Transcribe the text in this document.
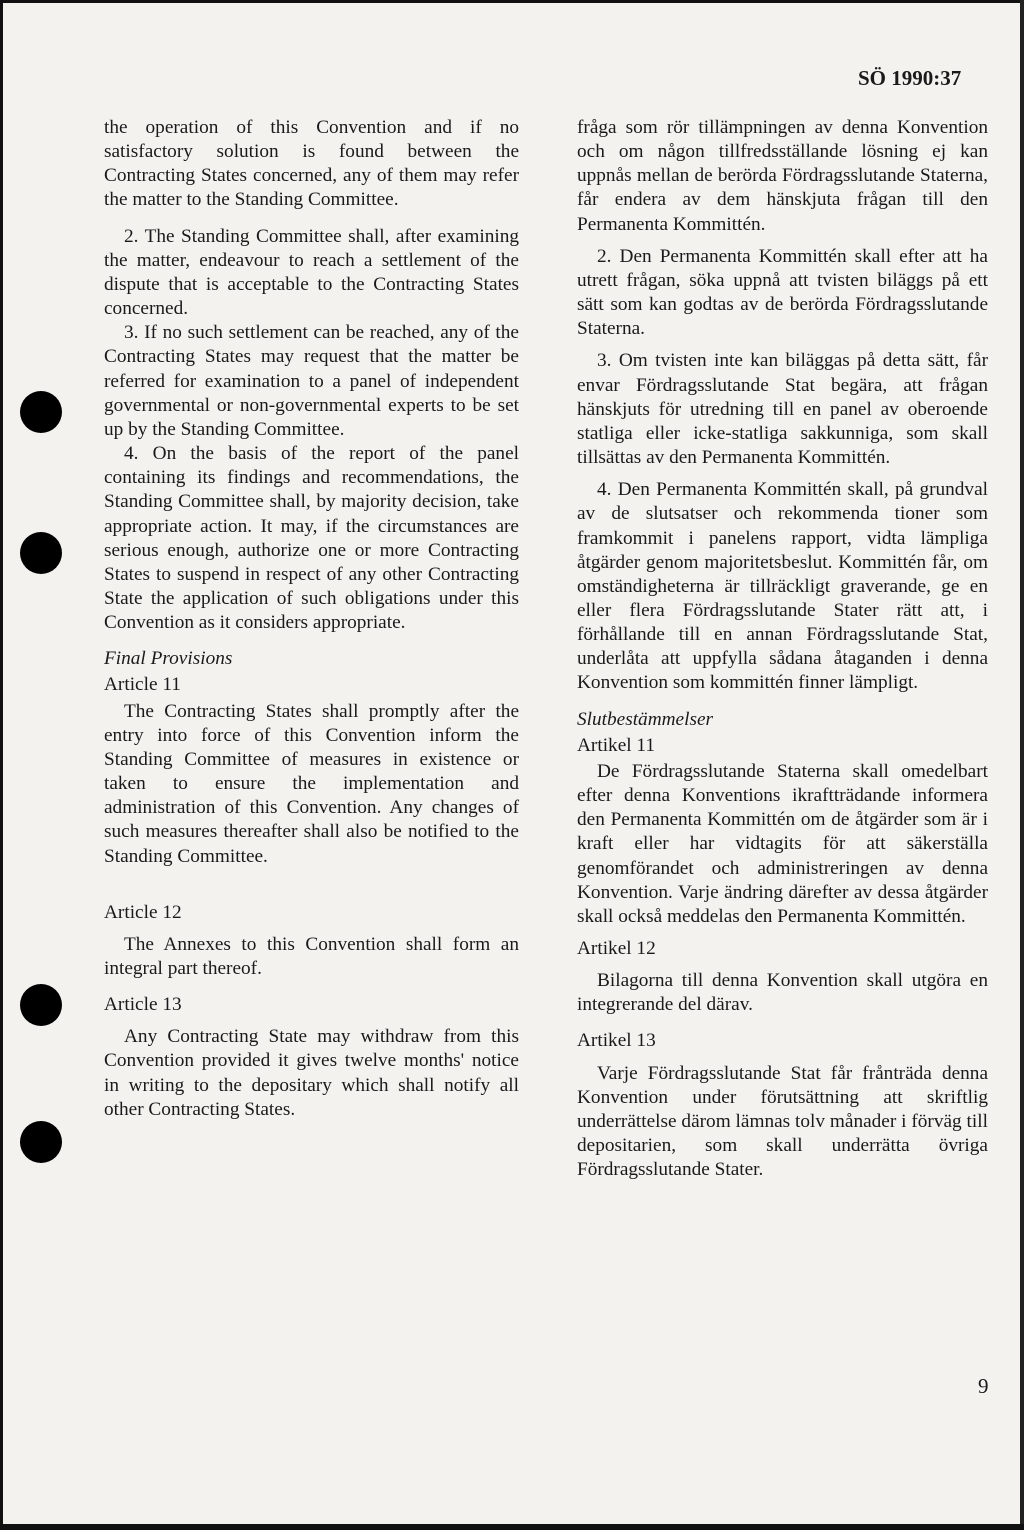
SÖ 1990:37
the operation of this Convention and if no satisfactory solution is found between the Contracting States concerned, any of them may refer the matter to the Standing Committee.
2. The Standing Committee shall, after examining the matter, endeavour to reach a settlement of the dispute that is acceptable to the Contracting States concerned.
3. If no such settlement can be reached, any of the Contracting States may request that the matter be referred for examination to a panel of independent governmental or non-governmental experts to be set up by the Standing Committee.
4. On the basis of the report of the panel containing its findings and recommendations, the Standing Committee shall, by majority decision, take appropriate action. It may, if the circumstances are serious enough, authorize one or more Contracting States to suspend in respect of any other Contracting State the application of such obligations under this Convention as it considers appropriate.
Final Provisions
Article 11
The Contracting States shall promptly after the entry into force of this Convention inform the Standing Committee of measures in existence or taken to ensure the implementation and administration of this Convention. Any changes of such measures thereafter shall also be notified to the Standing Committee.
Article 12
The Annexes to this Convention shall form an integral part thereof.
Article 13
Any Contracting State may withdraw from this Convention provided it gives twelve months' notice in writing to the depositary which shall notify all other Contracting States.
fråga som rör tillämpningen av denna Konvention och om någon tillfredsställande lösning ej kan uppnås mellan de berörda Fördragsslutande Staterna, får endera av dem hänskjuta frågan till den Permanenta Kommittén.
2. Den Permanenta Kommittén skall efter att ha utrett frågan, söka uppnå att tvisten biläggs på ett sätt som kan godtas av de berörda Fördragsslutande Staterna.
3. Om tvisten inte kan biläggas på detta sätt, får envar Fördragsslutande Stat begära, att frågan hänskjuts för utredning till en panel av oberoende statliga eller icke-statliga sakkunniga, som skall tillsättas av den Permanenta Kommittén.
4. Den Permanenta Kommittén skall, på grundval av de slutsatser och rekommenda tioner som framkommit i panelens rapport, vidta lämpliga åtgärder genom majoritetsbeslut. Kommittén får, om omständigheterna är tillräckligt graverande, ge en eller flera Fördragsslutande Stater rätt att, i förhållande till en annan Fördragsslutande Stat, underlåta att uppfylla sådana åtaganden i denna Konvention som kommittén finner lämpligt.
Slutbestämmelser
Artikel 11
De Fördragsslutande Staterna skall omedelbart efter denna Konventions ikraftträdande informera den Permanenta Kommittén om de åtgärder som är i kraft eller har vidtagits för att säkerställa genomförandet och administreringen av denna Konvention. Varje ändring därefter av dessa åtgärder skall också meddelas den Permanenta Kommittén.
Artikel 12
Bilagorna till denna Konvention skall utgöra en integrerande del därav.
Artikel 13
Varje Fördragsslutande Stat får frånträda denna Konvention under förutsättning att skriftlig underrättelse därom lämnas tolv månader i förväg till depositarien, som skall underrätta övriga Fördragsslutande Stater.
9
